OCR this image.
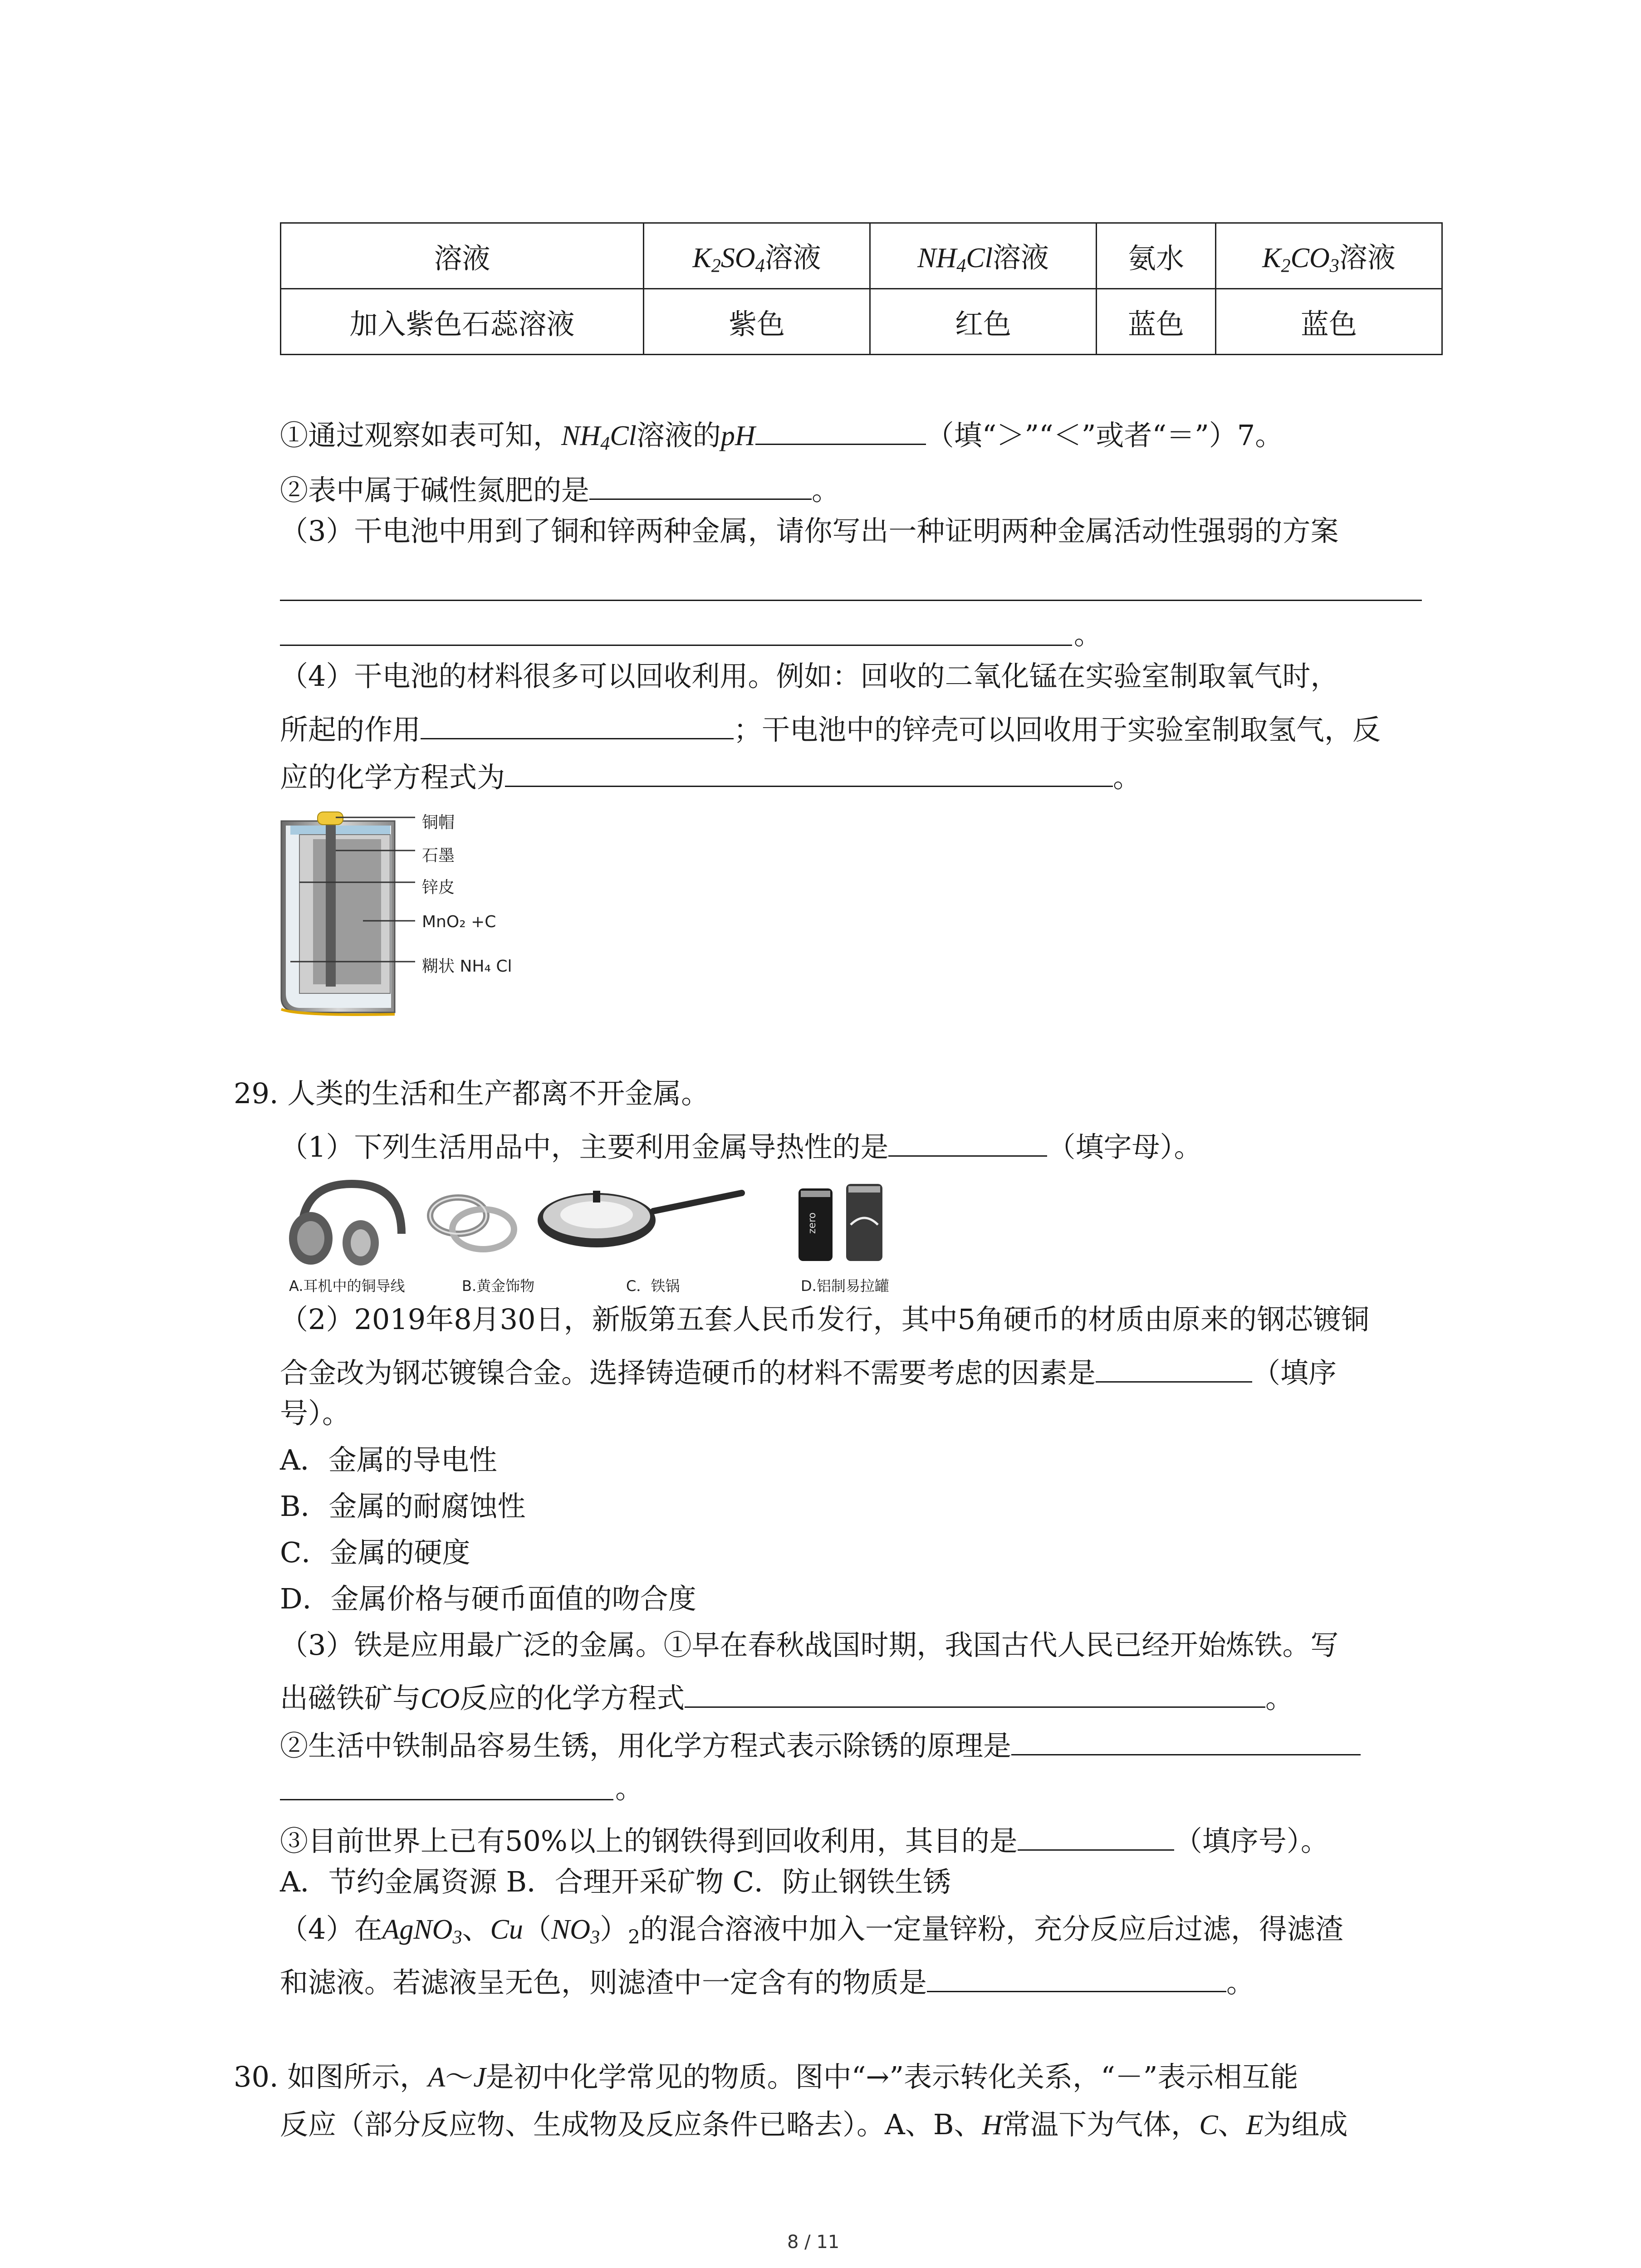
溶液	$K_2SO_4$溶液	$NH_4Cl$溶液	氨水	$K_2CO_3$溶液
加入紫色石蕊溶液	紫色	红色	蓝色	蓝色
①通过观察如表可知，$NH_4Cl$溶液的pH	（填“＞”“＜”或者“＝”）7。
②表中属于碱性氮肥的是	。
（3）干电池中用到了铜和锌两种金属，请你写出一种证明两种金属活动性强弱的方案
。
（4）干电池的材料很多可以回收利用。例如：回收的二氧化锰在实验室制取氧气时，
所起的作用	；干电池中的锌壳可以回收用于实验室制取氢气，反
应的化学方程式为	。
铜帽
石墨
锌皮
MnO₂ +C
糊状 NH₄ Cl
29. 人类的生活和生产都离不开金属。
（1）下列生活用品中，主要利用金属导热性的是	（填字母）。
zero
A.耳机中的铜导线	B.黄金饰物	C．铁锅	D.铝制易拉罐
（2）2019年8月30日，新版第五套人民币发行，其中5角硬币的材质由原来的钢芯镀铜
合金改为钢芯镀镍合金。选择铸造硬币的材料不需要考虑的因素是	（填序
号）。
A．金属的导电性
B．金属的耐腐蚀性
C．金属的硬度
D．金属价格与硬币面值的吻合度
（3）铁是应用最广泛的金属。①早在春秋战国时期，我国古代人民已经开始炼铁。写
出磁铁矿与CO反应的化学方程式	。
②生活中铁制品容易生锈，用化学方程式表示除锈的原理是
。
③目前世界上已有50%以上的钢铁得到回收利用，其目的是	（填序号）。
A．节约金属资源 B．合理开采矿物 C．防止钢铁生锈
（4）在AgNO$_3$、$Cu(NO_3)_2$的混合溶液中加入一定量锌粉，充分反应后过滤，得滤渣
和滤液。若滤液呈无色，则滤渣中一定含有的物质是	。
30. 如图所示，A～J是初中化学常见的物质。图中“→”表示转化关系，“－”表示相互能
反应（部分反应物、生成物及反应条件已略去）。A、B、H常温下为气体，C、E为组成
8 / 11
